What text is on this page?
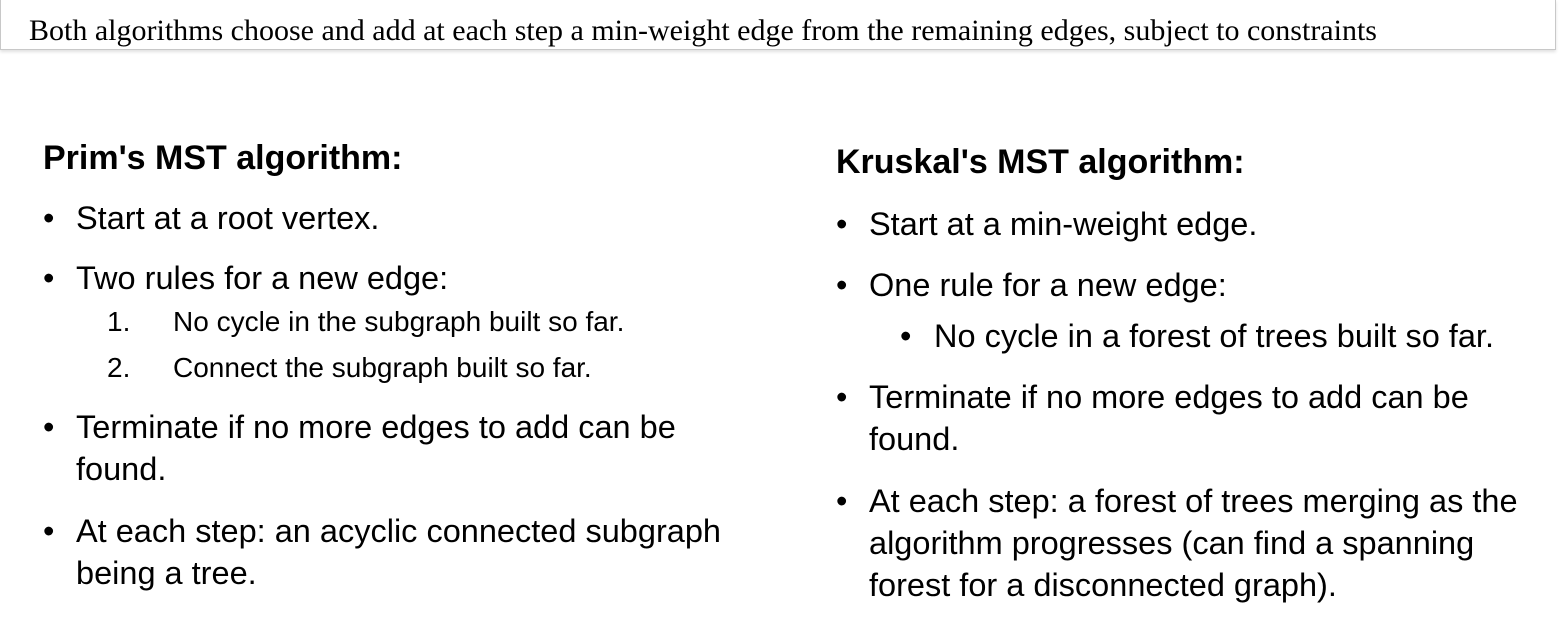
Both algorithms choose and add at each step a min-weight edge from the remaining edges, subject to constraints
Prim's MST algorithm:
• Start at a root vertex.
• Two rules for a new edge:
1. No cycle in the subgraph built so far.
2. Connect the subgraph built so far.
• Terminate if no more edges to add can be found.
• At each step: an acyclic connected subgraph being a tree.
Kruskal's MST algorithm:
• Start at a min-weight edge.
• One rule for a new edge:
• No cycle in a forest of trees built so far.
• Terminate if no more edges to add can be found.
• At each step: a forest of trees merging as the algorithm progresses (can find a spanning forest for a disconnected graph).
